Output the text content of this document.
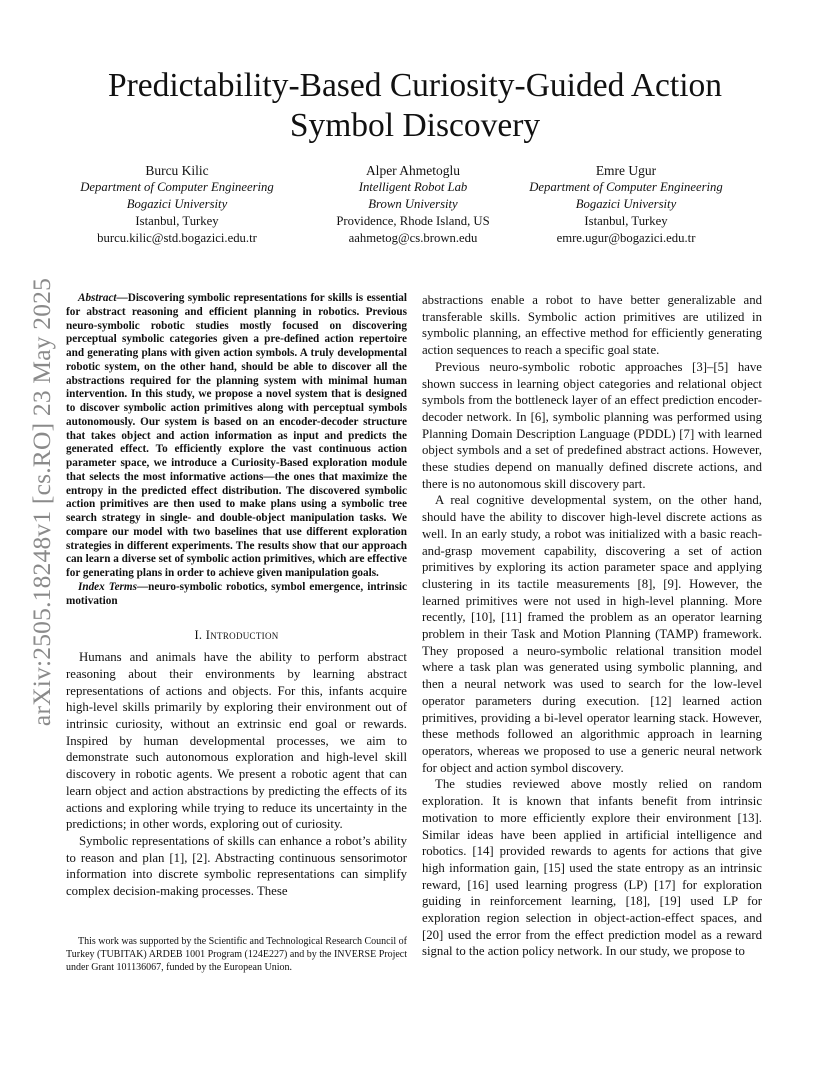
arXiv:2505.18248v1 [cs.RO] 23 May 2025
Predictability-Based Curiosity-Guided Action Symbol Discovery
Burcu Kilic
Department of Computer Engineering
Bogazici University
Istanbul, Turkey
burcu.kilic@std.bogazici.edu.tr
Alper Ahmetoglu
Intelligent Robot Lab
Brown University
Providence, Rhode Island, US
aahmetog@cs.brown.edu
Emre Ugur
Department of Computer Engineering
Bogazici University
Istanbul, Turkey
emre.ugur@bogazici.edu.tr

Abstract—Discovering symbolic representations for skills is essential for abstract reasoning and efficient planning in robotics. Previous neuro-symbolic robotic studies mostly focused on discovering perceptual symbolic categories given a pre-defined action repertoire and generating plans with given action symbols. A truly developmental robotic system, on the other hand, should be able to discover all the abstractions required for the planning system with minimal human intervention. In this study, we propose a novel system that is designed to discover symbolic action primitives along with perceptual symbols autonomously. Our system is based on an encoder-decoder structure that takes object and action information as input and predicts the generated effect. To efficiently explore the vast continuous action parameter space, we introduce a Curiosity-Based exploration module that selects the most informative actions—the ones that maximize the entropy in the predicted effect distribution. The discovered symbolic action primitives are then used to make plans using a symbolic tree search strategy in single- and double-object manipulation tasks. We compare our model with two baselines that use different exploration strategies in different experiments. The results show that our approach can learn a diverse set of symbolic action primitives, which are effective for generating plans in order to achieve given manipulation goals.

Index Terms—neuro-symbolic robotics, symbol emergence, intrinsic motivation

I. Introduction

Humans and animals have the ability to perform abstract reasoning about their environments by learning abstract representations of actions and objects. For this, infants acquire high-level skills primarily by exploring their environment out of intrinsic curiosity, without an extrinsic end goal or rewards. Inspired by human developmental processes, we aim to demonstrate such autonomous exploration and high-level skill discovery in robotic agents. We present a robotic agent that can learn object and action abstractions by predicting the effects of its actions and exploring while trying to reduce its uncertainty in the predictions; in other words, exploring out of curiosity.

Symbolic representations of skills can enhance a robot’s ability to reason and plan [1], [2]. Abstracting continuous sensorimotor information into discrete symbolic representations can simplify complex decision-making processes. These

This work was supported by the Scientific and Technological Research Council of Turkey (TUBITAK) ARDEB 1001 Program (124E227) and by the INVERSE Project under Grant 101136067, funded by the European Union.

abstractions enable a robot to have better generalizable and transferable skills. Symbolic action primitives are utilized in symbolic planning, an effective method for efficiently generating action sequences to reach a specific goal state.

Previous neuro-symbolic robotic approaches [3]–[5] have shown success in learning object categories and relational object symbols from the bottleneck layer of an effect prediction encoder-decoder network. In [6], symbolic planning was performed using Planning Domain Description Language (PDDL) [7] with learned object symbols and a set of predefined abstract actions. However, these studies depend on manually defined discrete actions, and there is no autonomous skill discovery part.

A real cognitive developmental system, on the other hand, should have the ability to discover high-level discrete actions as well. In an early study, a robot was initialized with a basic reach-and-grasp movement capability, discovering a set of action primitives by exploring its action parameter space and applying clustering in its tactile measurements [8], [9]. However, the learned primitives were not used in high-level planning. More recently, [10], [11] framed the problem as an operator learning problem in their Task and Motion Planning (TAMP) framework. They proposed a neuro-symbolic relational transition model where a task plan was generated using symbolic planning, and then a neural network was used to search for the low-level operator parameters during execution. [12] learned action primitives, providing a bi-level operator learning stack. However, these methods followed an algorithmic approach in learning operators, whereas we proposed to use a generic neural network for object and action symbol discovery.

The studies reviewed above mostly relied on random exploration. It is known that infants benefit from intrinsic motivation to more efficiently explore their environment [13]. Similar ideas have been applied in artificial intelligence and robotics. [14] provided rewards to agents for actions that give high information gain, [15] used the state entropy as an intrinsic reward, [16] used learning progress (LP) [17] for exploration guiding in reinforcement learning, [18], [19] used LP for exploration region selection in object-action-effect spaces, and [20] used the error from the effect prediction model as a reward signal to the action policy network. In our study, we propose to
